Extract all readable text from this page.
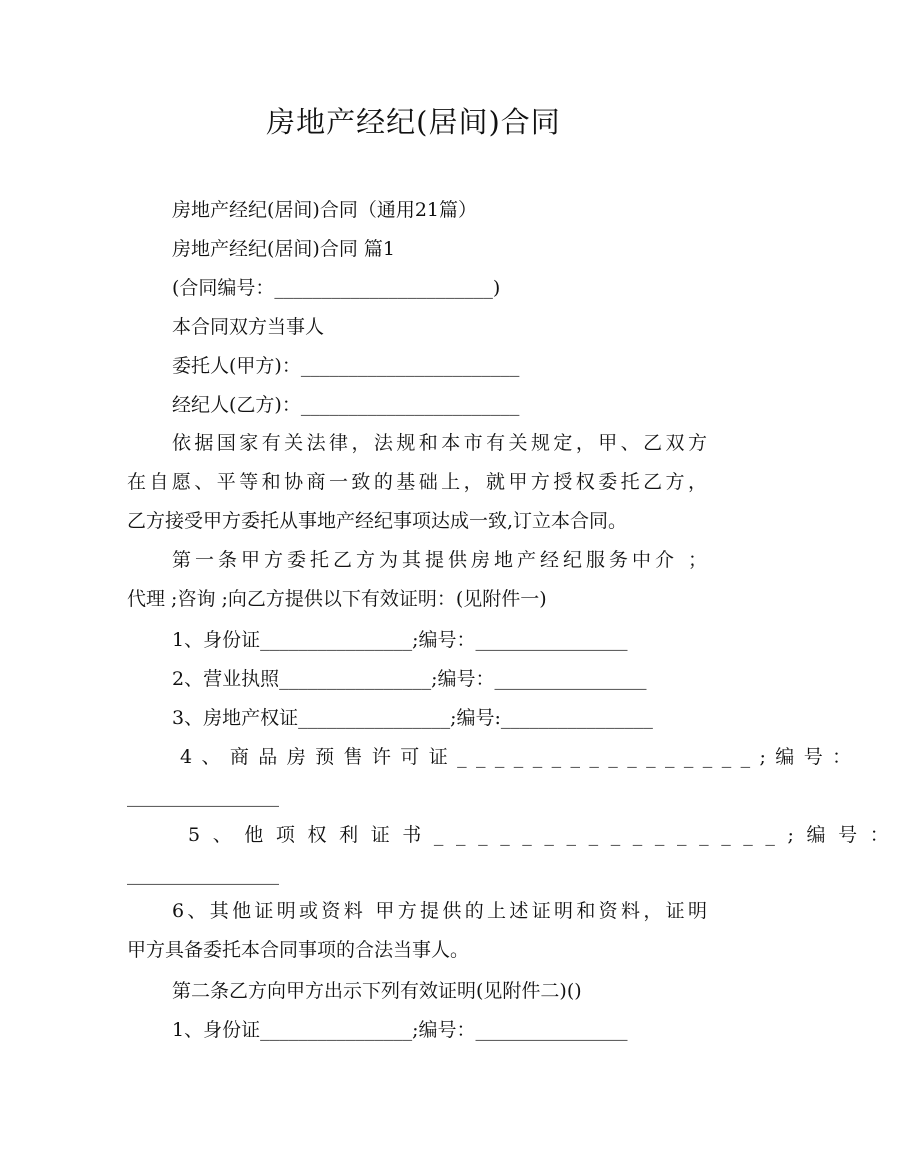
房地产经纪(居间)合同
房地产经纪(居间)合同（通用21篇）
房地产经纪(居间)合同 篇1
(合同编号：_______________________)
本合同双方当事人
委托人(甲方)：_______________________
经纪人(乙方)：_______________________
依据国家有关法律，法规和本市有关规定，甲、乙双方
在自愿、平等和协商一致的基础上，就甲方授权委托乙方，
乙方接受甲方委托从事地产经纪事项达成一致,订立本合同。
第一条甲方委托乙方为其提供房地产经纪服务中介 ；
代理 ;咨询 ;向乙方提供以下有效证明：(见附件一)
1、身份证________________;编号：________________
2、营业执照________________;编号：________________
3、房地产权证________________;编号:________________
4、商品房预售许可证________________;编号：
________________
5、他项权利证书________________;编号：
________________
6、其他证明或资料 甲方提供的上述证明和资料，证明
甲方具备委托本合同事项的合法当事人。
第二条乙方向甲方出示下列有效证明(见附件二)()
1、身份证________________;编号：________________
